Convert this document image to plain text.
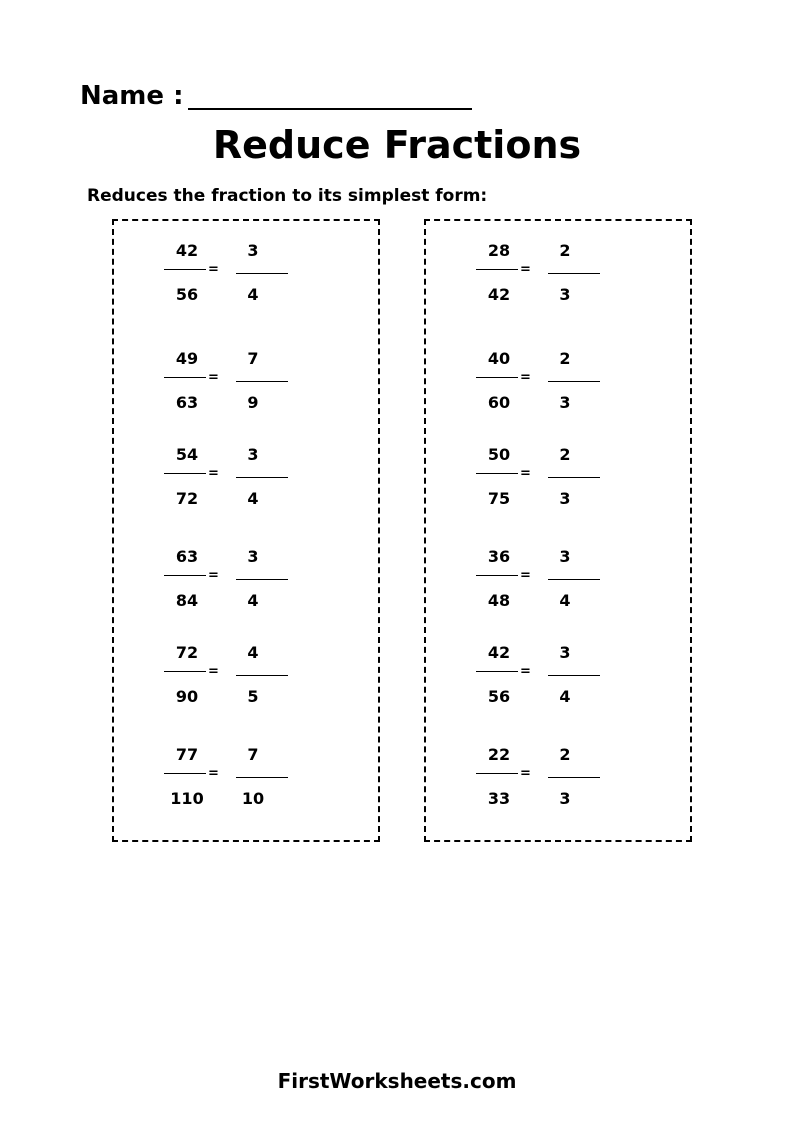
Name :
Reduce Fractions
Reduces the fraction to its simplest form:
42
56
=
3
4
49
63
=
7
9
54
72
=
3
4
63
84
=
3
4
72
90
=
4
5
77
110
=
7
10
28
42
=
2
3
40
60
=
2
3
50
75
=
2
3
36
48
=
3
4
42
56
=
3
4
22
33
=
2
3
FirstWorksheets.com
